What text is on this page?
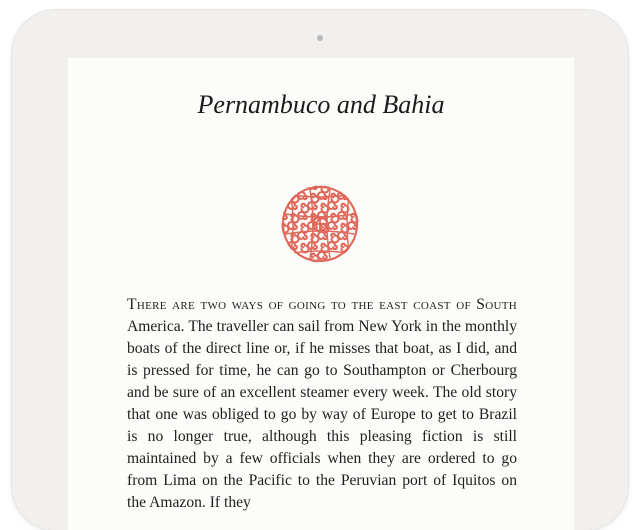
Pernambuco and Bahia

There are two ways of going to the east coast of South America. The traveller can sail from New York in the monthly boats of the direct line or, if he misses that boat, as I did, and is pressed for time, he can go to Southampton or Cherbourg and be sure of an excellent steamer every week. The old story that one was obliged to go by way of Europe to get to Brazil is no longer true, although this pleasing fiction is still maintained by a few officials when they are ordered to go from Lima on the Pacific to the Peruvian port of Iquitos on the Amazon. If they
